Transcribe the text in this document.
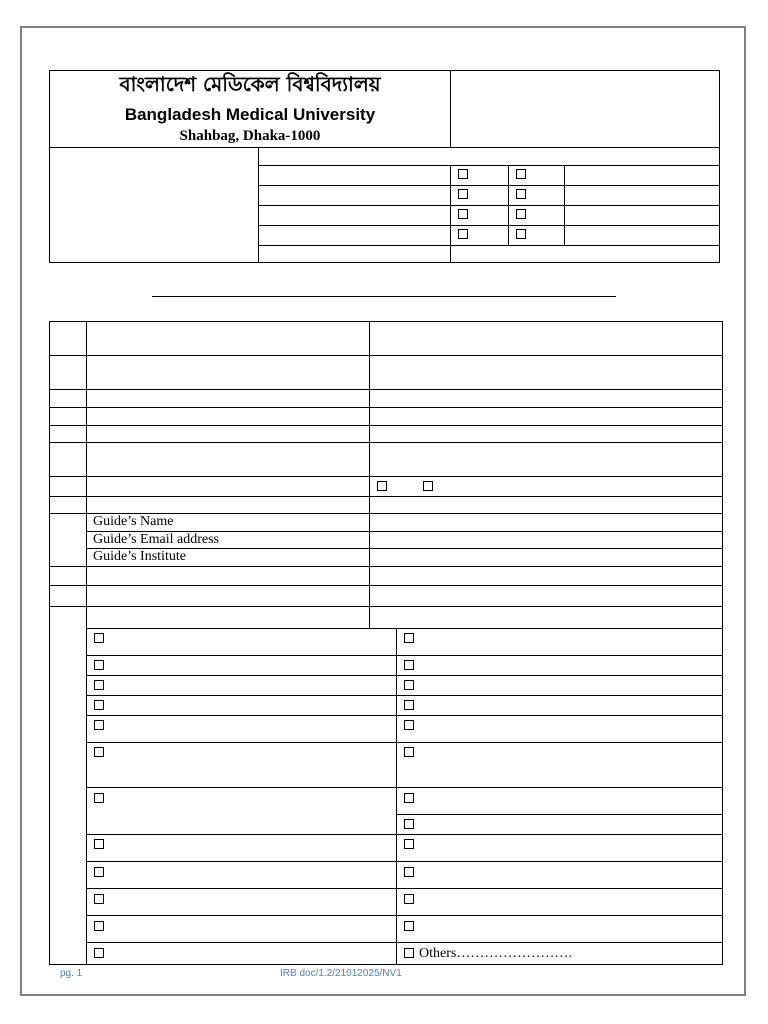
বাংলাদেশ মেডিকেল বিশ্ববিদ্যালয়
Bangladesh Medical University
Shahbag, Dhaka-1000
Guide’s Name
Guide’s Email address
Guide’s Institute
Others…………………….
pg. 1	IRB doc/1.2/21012025/NV1
